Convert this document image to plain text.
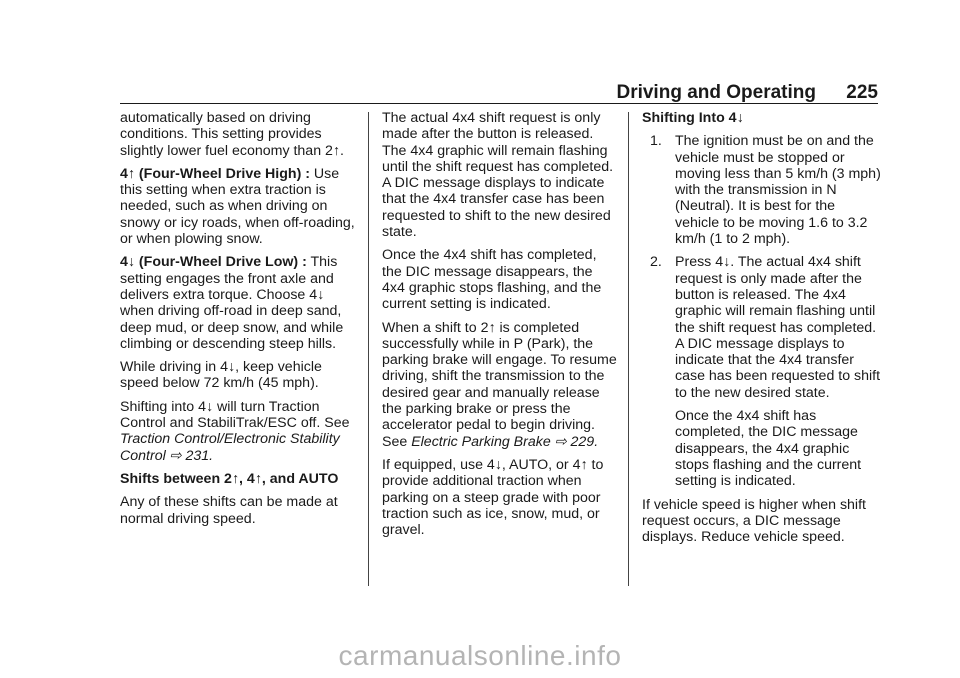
Driving and Operating 225

automatically based on driving conditions. This setting provides slightly lower fuel economy than 2↑.

4↑ (Four-Wheel Drive High) : Use this setting when extra traction is needed, such as when driving on snowy or icy roads, when off-roading, or when plowing snow.

4↓ (Four-Wheel Drive Low) : This setting engages the front axle and delivers extra torque. Choose 4↓ when driving off-road in deep sand, deep mud, or deep snow, and while climbing or descending steep hills.

While driving in 4↓, keep vehicle speed below 72 km/h (45 mph).

Shifting into 4↓ will turn Traction Control and StabiliTrak/ESC off. See Traction Control/Electronic Stability Control ⇨ 231.

Shifts between 2↑, 4↑, and AUTO

Any of these shifts can be made at normal driving speed.

The actual 4x4 shift request is only made after the button is released. The 4x4 graphic will remain flashing until the shift request has completed. A DIC message displays to indicate that the 4x4 transfer case has been requested to shift to the new desired state.

Once the 4x4 shift has completed, the DIC message disappears, the 4x4 graphic stops flashing, and the current setting is indicated.

When a shift to 2↑ is completed successfully while in P (Park), the parking brake will engage. To resume driving, shift the transmission to the desired gear and manually release the parking brake or press the accelerator pedal to begin driving. See Electric Parking Brake ⇨ 229.

If equipped, use 4↓, AUTO, or 4↑ to provide additional traction when parking on a steep grade with poor traction such as ice, snow, mud, or gravel.

Shifting Into 4↓

1. The ignition must be on and the vehicle must be stopped or moving less than 5 km/h (3 mph) with the transmission in N (Neutral). It is best for the vehicle to be moving 1.6 to 3.2 km/h (1 to 2 mph).
2. Press 4↓. The actual 4x4 shift request is only made after the button is released. The 4x4 graphic will remain flashing until the shift request has completed. A DIC message displays to indicate that the 4x4 transfer case has been requested to shift to the new desired state.
Once the 4x4 shift has completed, the DIC message disappears, the 4x4 graphic stops flashing and the current setting is indicated.

If vehicle speed is higher when shift request occurs, a DIC message displays. Reduce vehicle speed.

carmanualsonline.info
